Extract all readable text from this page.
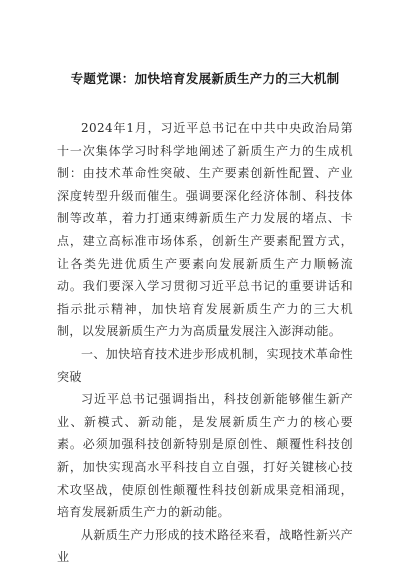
专题党课：加快培育发展新质生产力的三大机制

2024年1月，习近平总书记在中共中央政治局第十一次集体学习时科学地阐述了新质生产力的生成机制：由技术革命性突破、生产要素创新性配置、产业深度转型升级而催生。强调要深化经济体制、科技体制等改革，着力打通束缚新质生产力发展的堵点、卡点，建立高标准市场体系，创新生产要素配置方式，让各类先进优质生产要素向发展新质生产力顺畅流动。我们要深入学习贯彻习近平总书记的重要讲话和指示批示精神，加快培育发展新质生产力的三大机制，以发展新质生产力为高质量发展注入澎湃动能。

一、加快培育技术进步形成机制，实现技术革命性突破

习近平总书记强调指出，科技创新能够催生新产业、新模式、新动能，是发展新质生产力的核心要素。必须加强科技创新特别是原创性、颠覆性科技创新，加快实现高水平科技自立自强，打好关键核心技术攻坚战，使原创性颠覆性科技创新成果竞相涌现，培育发展新质生产力的新动能。

从新质生产力形成的技术路径来看，战略性新兴产业
